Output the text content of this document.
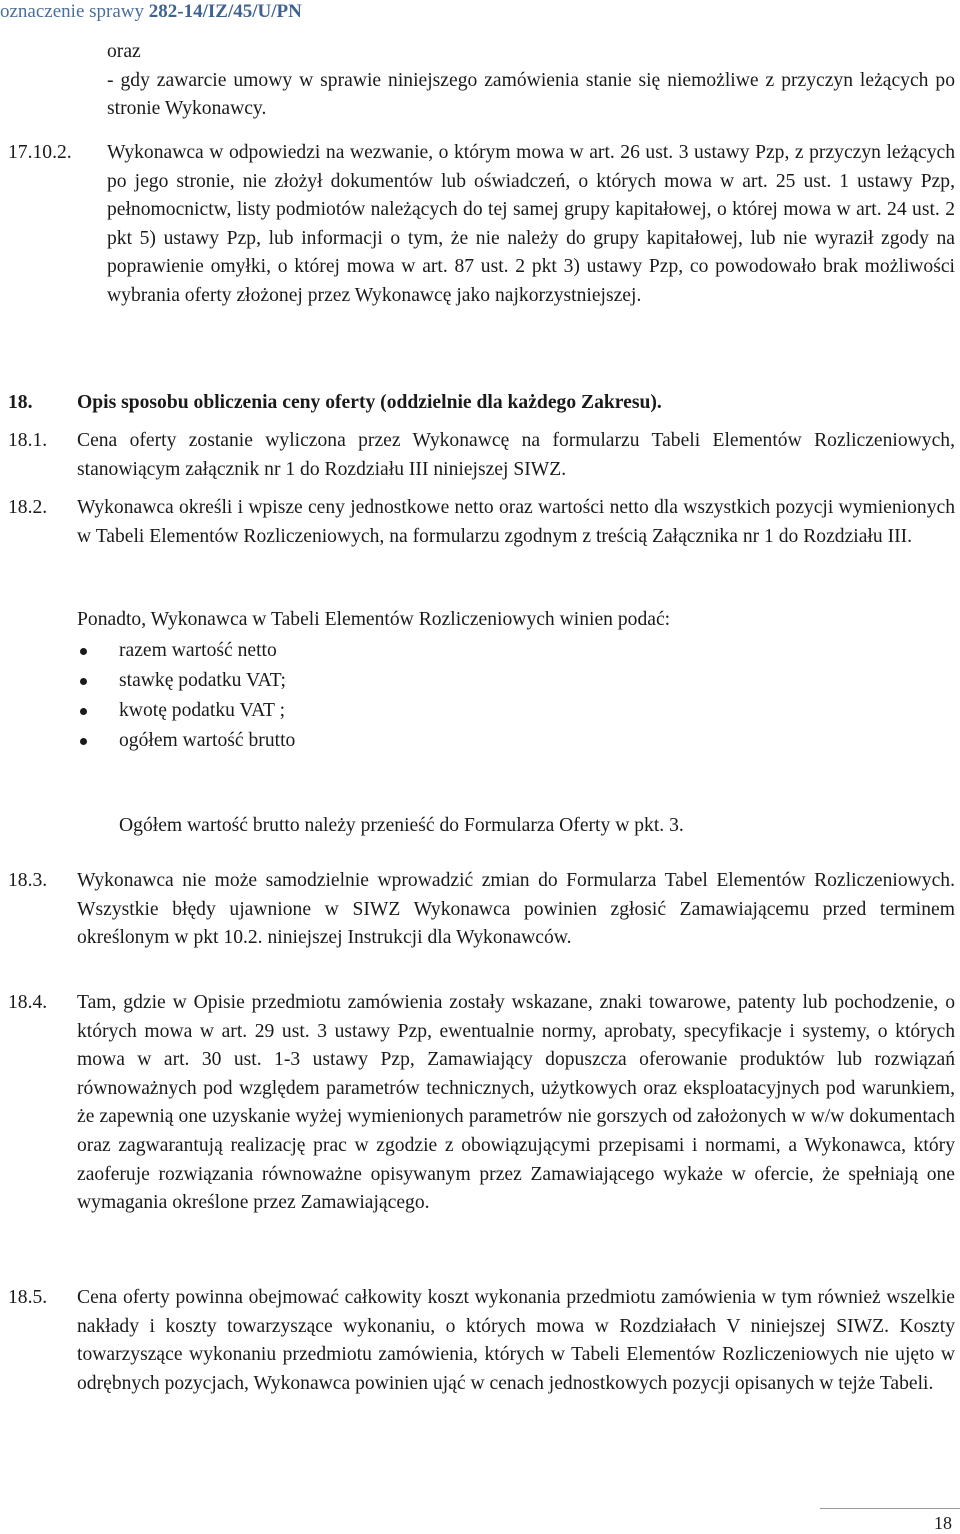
oznaczenie sprawy 282-14/IZ/45/U/PN
oraz

- gdy zawarcie umowy w sprawie niniejszego zamówienia stanie się niemożliwe z przyczyn leżących po stronie Wykonawcy.

17.10.2. Wykonawca w odpowiedzi na wezwanie, o którym mowa w art. 26 ust. 3 ustawy Pzp, z przyczyn leżących po jego stronie, nie złożył dokumentów lub oświadczeń, o których mowa w art. 25 ust. 1 ustawy Pzp, pełnomocnictw, listy podmiotów należących do tej samej grupy kapitałowej, o której mowa w art. 24 ust. 2 pkt 5) ustawy Pzp, lub informacji o tym, że nie należy do grupy kapitałowej, lub nie wyraził zgody na poprawienie omyłki, o której mowa w art. 87 ust. 2 pkt 3) ustawy Pzp, co powodowało brak możliwości wybrania oferty złożonej przez Wykonawcę jako najkorzystniejszej.

18. Opis sposobu obliczenia ceny oferty (oddzielnie dla każdego Zakresu).
18.1. Cena oferty zostanie wyliczona przez Wykonawcę na formularzu Tabeli Elementów Rozliczeniowych, stanowiącym załącznik nr 1 do Rozdziału III niniejszej SIWZ.

18.2. Wykonawca określi i wpisze ceny jednostkowe netto oraz wartości netto dla wszystkich pozycji wymienionych w Tabeli Elementów Rozliczeniowych, na formularzu zgodnym z treścią Załącznika nr 1 do Rozdziału III.

Ponadto, Wykonawca w Tabeli Elementów Rozliczeniowych winien podać:
razem wartość netto
stawkę podatku VAT;
kwotę podatku VAT ;
ogółem wartość brutto
Ogółem wartość brutto należy przenieść do Formularza Oferty w pkt. 3.
18.3. Wykonawca nie może samodzielnie wprowadzić zmian do Formularza Tabel Elementów Rozliczeniowych. Wszystkie błędy ujawnione w SIWZ Wykonawca powinien zgłosić Zamawiającemu przed terminem określonym w pkt 10.2. niniejszej Instrukcji dla Wykonawców.

18.4. Tam, gdzie w Opisie przedmiotu zamówienia zostały wskazane, znaki towarowe, patenty lub pochodzenie, o których mowa w art. 29 ust. 3 ustawy Pzp, ewentualnie normy, aprobaty, specyfikacje i systemy, o których mowa w art. 30 ust. 1-3 ustawy Pzp, Zamawiający dopuszcza oferowanie produktów lub rozwiązań równoważnych pod względem parametrów technicznych, użytkowych oraz eksploatacyjnych pod warunkiem, że zapewnią one uzyskanie wyżej wymienionych parametrów nie gorszych od założonych w w/w dokumentach oraz zagwarantują realizację prac w zgodzie z obowiązującymi przepisami i normami, a Wykonawca, który zaoferuje rozwiązania równoważne opisywanym przez Zamawiającego wykaże w ofercie, że spełniają one wymagania określone przez Zamawiającego.

18.5. Cena oferty powinna obejmować całkowity koszt wykonania przedmiotu zamówienia w tym również wszelkie nakłady i koszty towarzyszące wykonaniu, o których mowa w Rozdziałach V niniejszej SIWZ. Koszty towarzyszące wykonaniu przedmiotu zamówienia, których w Tabeli Elementów Rozliczeniowych nie ujęto w odrębnych pozycjach, Wykonawca powinien ująć w cenach jednostkowych pozycji opisanych w tejże Tabeli.

18
